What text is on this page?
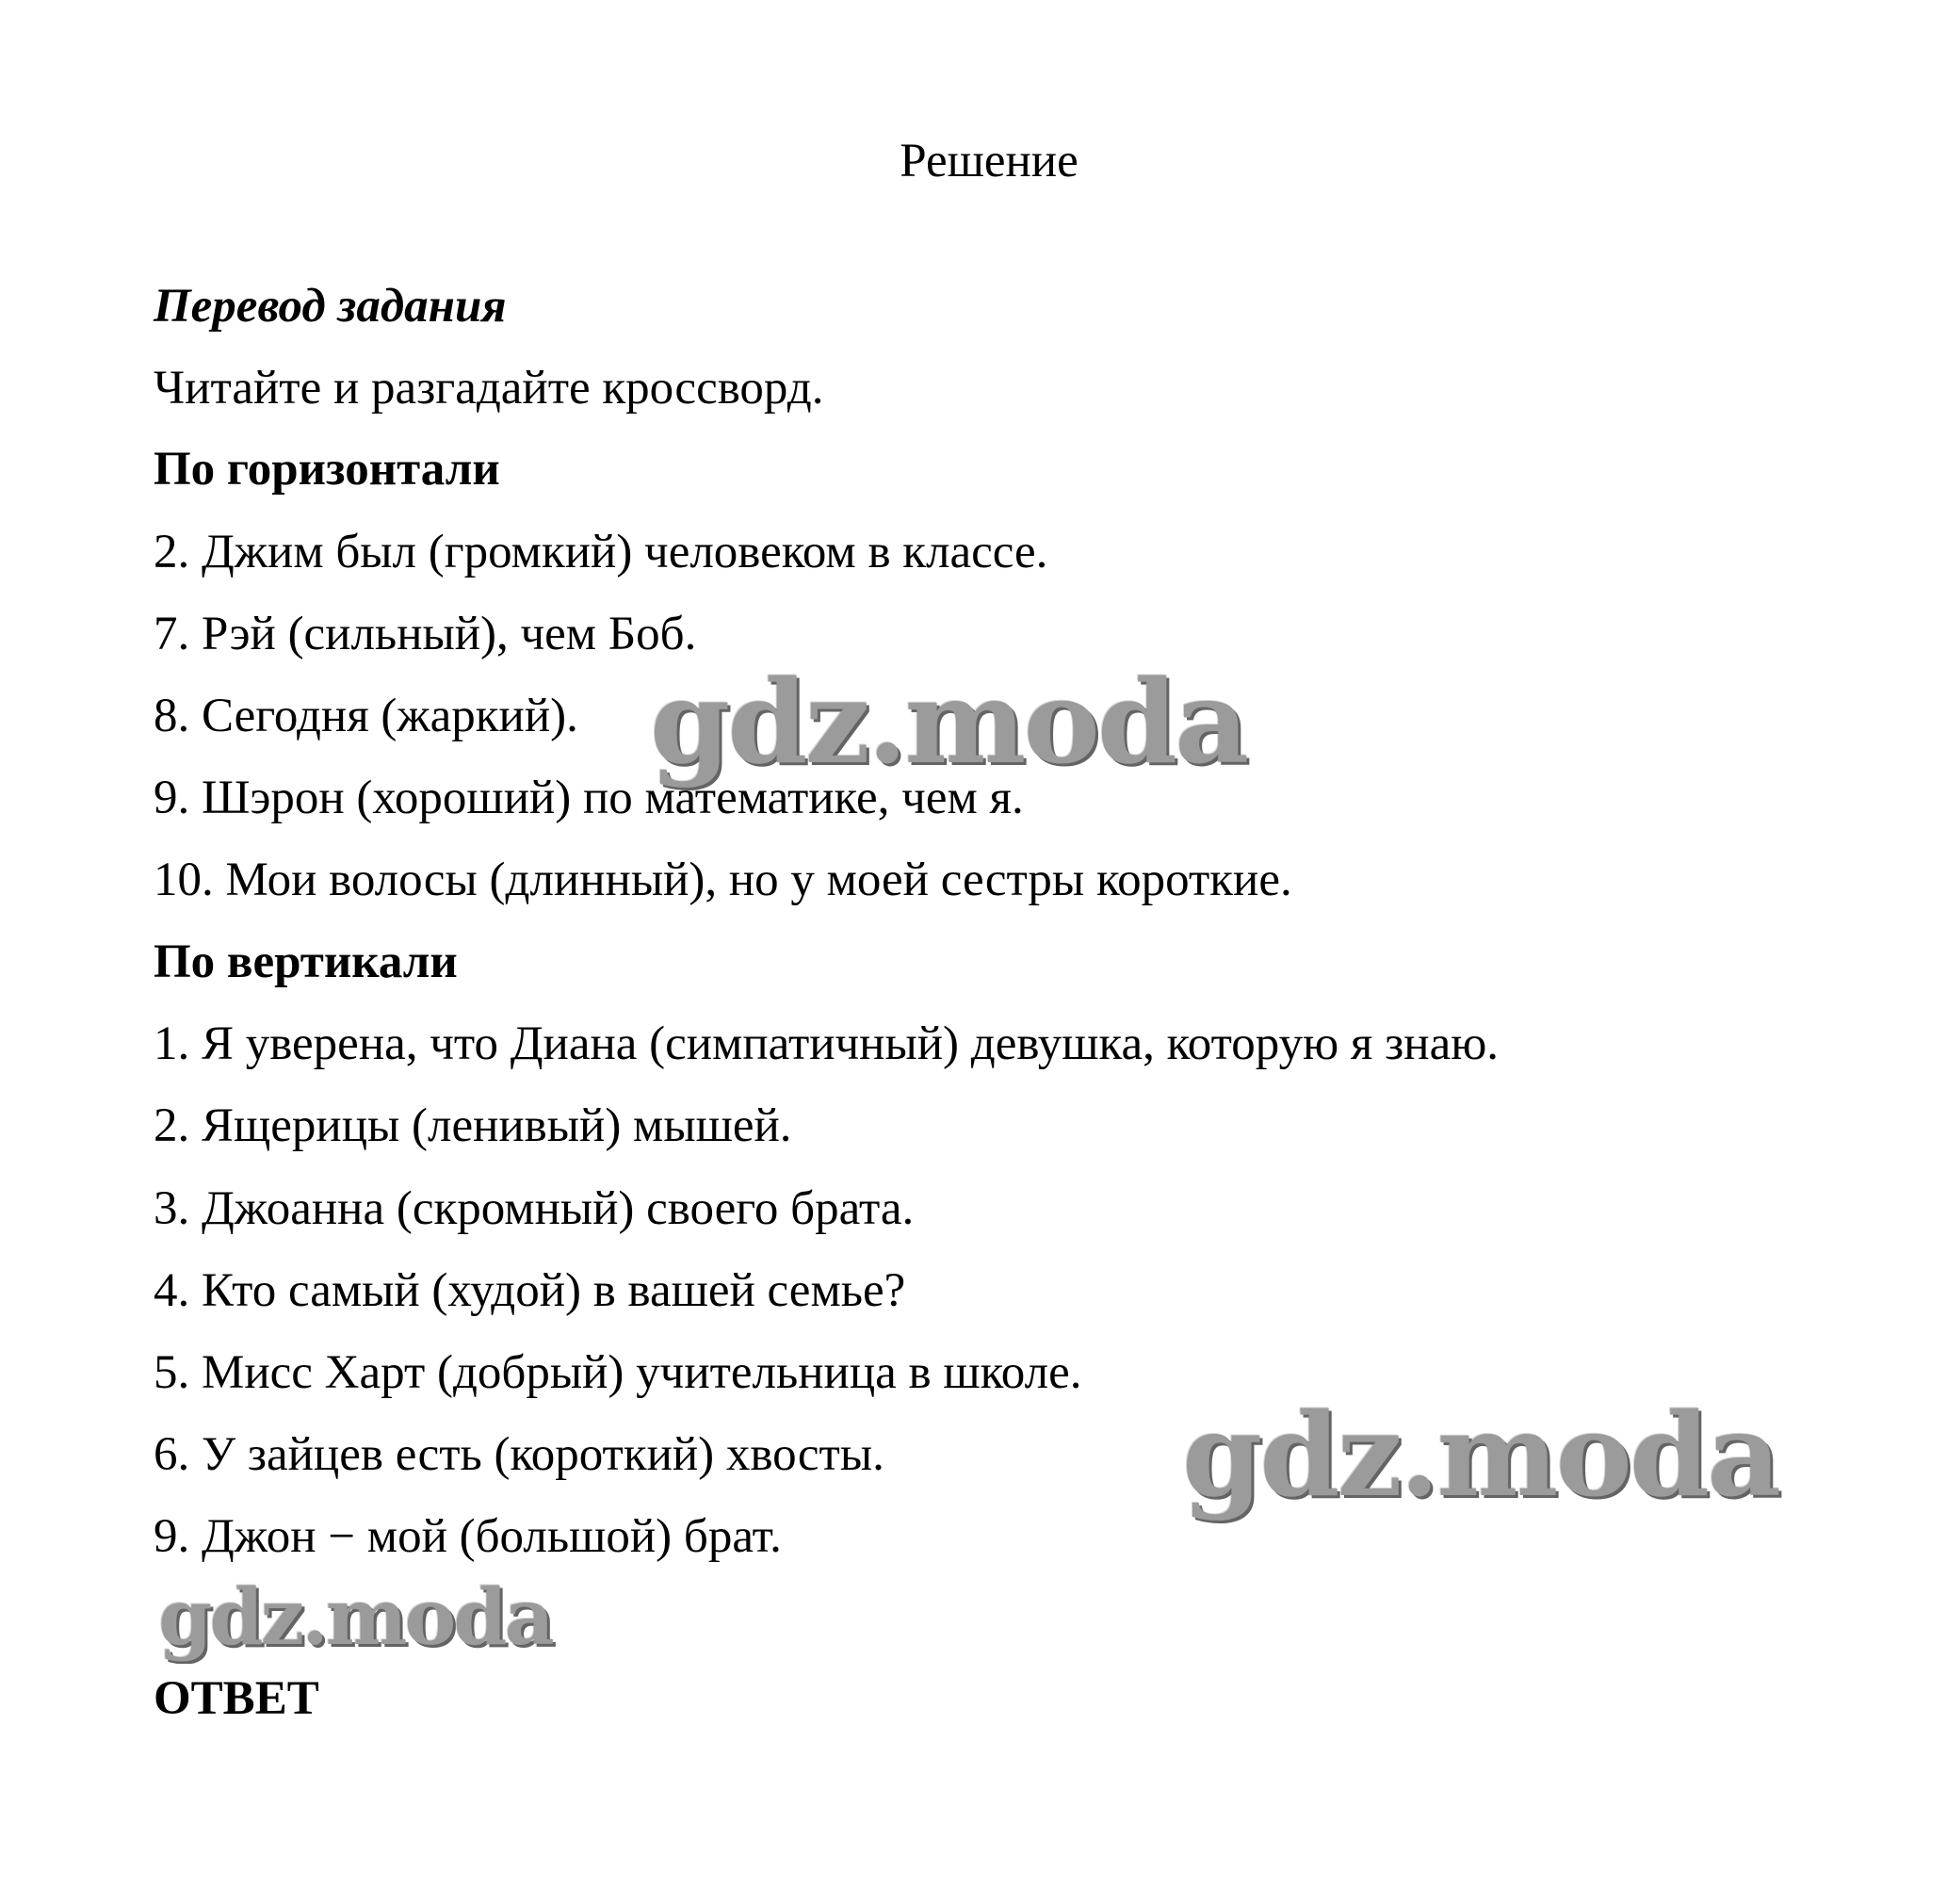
Решение
Перевод задания
Читайте и разгадайте кроссворд.
По горизонтали
2. Джим был (громкий) человеком в классе.
7. Рэй (сильный), чем Боб.
8. Сегодня (жаркий).
9. Шэрон (хороший) по математике, чем я.
10. Мои волосы (длинный), но у моей сестры короткие.
По вертикали
1. Я уверена, что Диана (симпатичный) девушка, которую я знаю.
2. Ящерицы (ленивый) мышей.
3. Джоанна (скромный) своего брата.
4. Кто самый (худой) в вашей семье?
5. Мисс Харт (добрый) учительница в школе.
6. У зайцев есть (короткий) хвосты.
9. Джон − мой (большой) брат.
ОТВЕТ
gdz.moda
gdz.moda
gdz.moda
